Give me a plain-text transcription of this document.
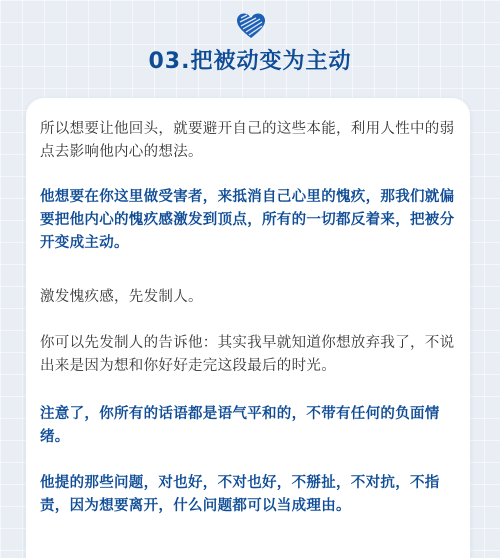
03.把被动变为主动

所以想要让他回头，就要避开自己的这些本能，利用人性中的弱点去影响他内心的想法。

他想要在你这里做受害者，来抵消自己心里的愧疚，那我们就偏要把他内心的愧疚感激发到顶点，所有的一切都反着来，把被分开变成主动。

激发愧疚感，先发制人。

你可以先发制人的告诉他：其实我早就知道你想放弃我了，不说出来是因为想和你好好走完这段最后的时光。

注意了，你所有的话语都是语气平和的，不带有任何的负面情绪。

他提的那些问题，对也好，不对也好，不掰扯，不对抗，不指责，因为想要离开，什么问题都可以当成理由。
